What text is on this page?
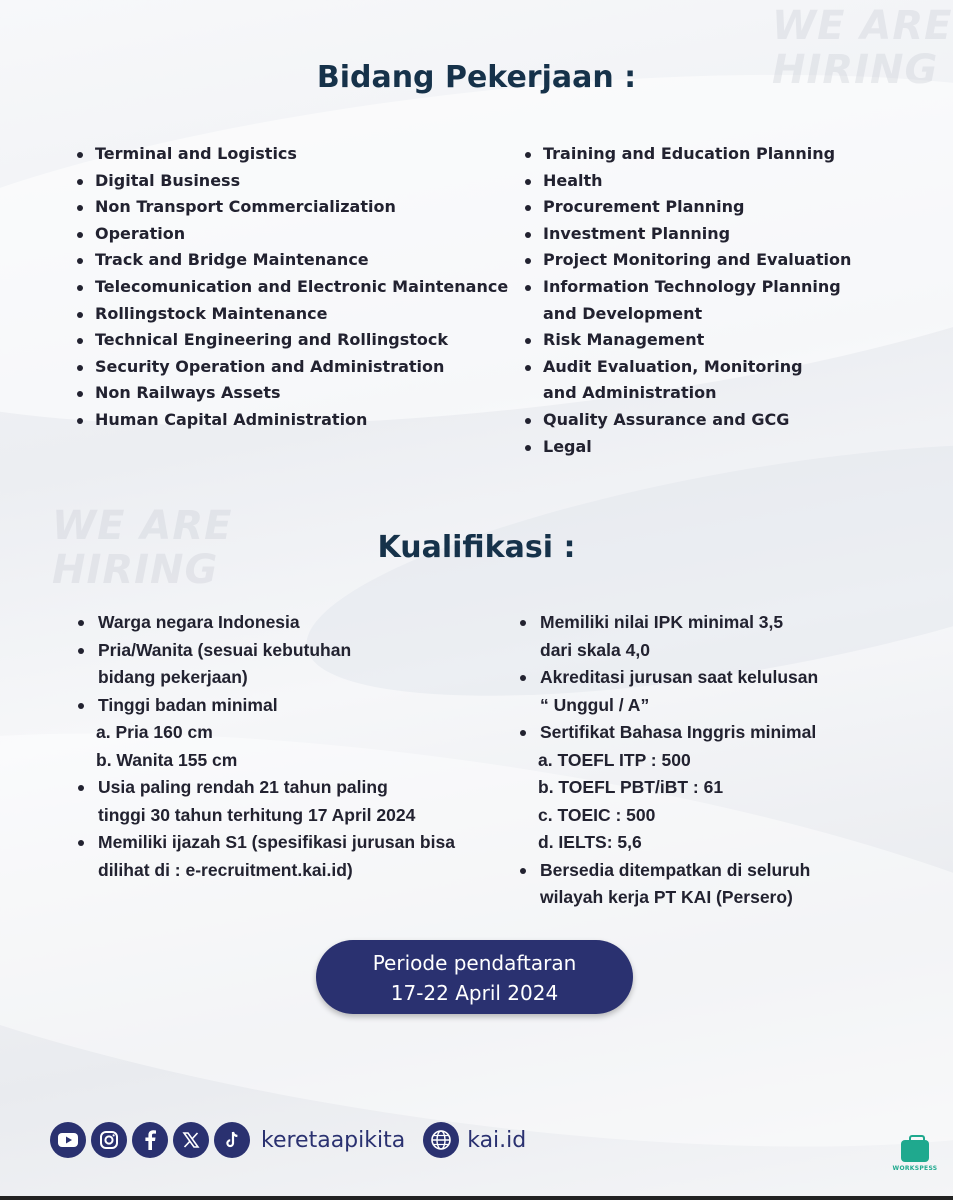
WE ARE
HIRING
WE ARE
HIRING
Bidang Pekerjaan :
Terminal and Logistics
Digital Business
Non Transport Commercialization
Operation
Track and Bridge Maintenance
Telecomunication and Electronic Maintenance
Rollingstock Maintenance
Technical Engineering and Rollingstock
Security Operation and Administration
Non Railways Assets
Human Capital Administration
Training and Education Planning
Health
Procurement Planning
Investment Planning
Project Monitoring and Evaluation
Information Technology Planning
and Development
Risk Management
Audit Evaluation, Monitoring
and Administration
Quality Assurance and GCG
Legal
Kualifikasi :
Warga negara Indonesia
Pria/Wanita (sesuai kebutuhan
bidang pekerjaan)
Tinggi badan minimal
a. Pria 160 cm
b. Wanita 155 cm
Usia paling rendah 21 tahun paling
tinggi 30 tahun terhitung 17 April 2024
Memiliki ijazah S1 (spesifikasi jurusan bisa
dilihat di : e-recruitment.kai.id)
Memiliki nilai IPK minimal 3,5
dari skala 4,0
Akreditasi jurusan saat kelulusan
“ Unggul / A”
Sertifikat Bahasa Inggris minimal
a. TOEFL ITP : 500
b. TOEFL PBT/iBT : 61
c. TOEIC : 500
d. IELTS: 5,6
Bersedia ditempatkan di seluruh
wilayah kerja PT KAI (Persero)
Periode pendaftaran
17-22 April 2024
keretaapikita	kai.id
WORKSPESS
